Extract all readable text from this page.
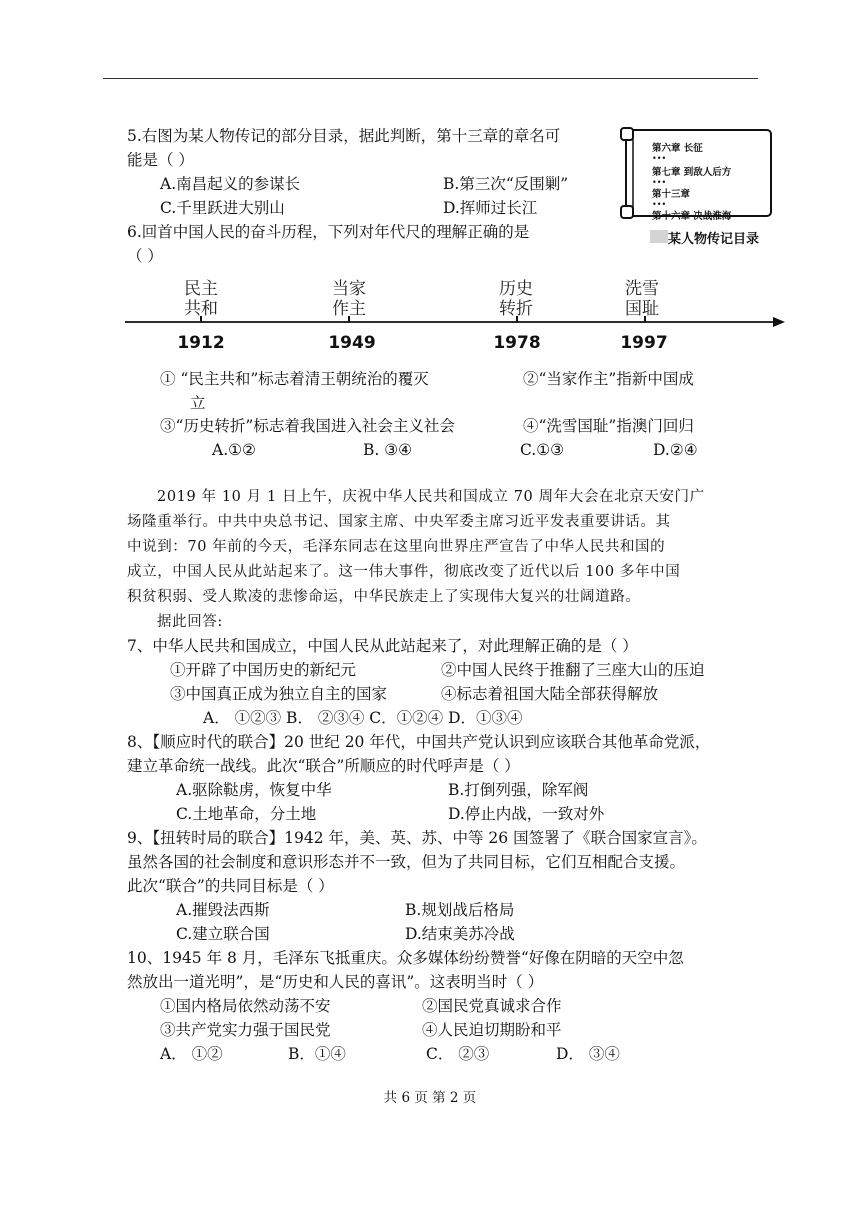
5.右图为某人物传记的部分目录，据此判断，第十三章的章名可
能是（ ）
A.南昌起义的参谋长	B.第三次“反围剿”
C.千里跃进大别山	D.挥师过长江
第六章 长征
•••
第七章 到敌人后方
•••
第十三章
•••
第十六章 决战淮海
某人物传记目录
6.回首中国人民的奋斗历程，下列对年代尺的理解正确的是
（ ）
民主
共和
1912
当家
作主
1949
历史
转折
1978
洗雪
国耻
1997
① “民主共和”标志着清王朝统治的覆灭	②“当家作主”指新中国成
立
③“历史转折”标志着我国进入社会主义社会	④“洗雪国耻”指澳门回归
A.①②	B. ③④	C.①③	D.②④
2019 年 10 月 1 日上午，庆祝中华人民共和国成立 70 周年大会在北京天安门广
场隆重举行。中共中央总书记、国家主席、中央军委主席习近平发表重要讲话。其
中说到：70 年前的今天，毛泽东同志在这里向世界庄严宣告了中华人民共和国的
成立，中国人民从此站起来了。这一伟大事件，彻底改变了近代以后 100 多年中国
积贫积弱、受人欺凌的悲惨命运，中华民族走上了实现伟大复兴的壮阔道路。
据此回答:
7、中华人民共和国成立，中国人民从此站起来了，对此理解正确的是（ ）
①开辟了中国历史的新纪元	②中国人民终于推翻了三座大山的压迫
③中国真正成为独立自主的国家	④标志着祖国大陆全部获得解放
A． ①②③ B． ②③④ C．①②④ D．①③④
8、【顺应时代的联合】20 世纪 20 年代，中国共产党认识到应该联合其他革命党派，
建立革命统一战线。此次“联合”所顺应的时代呼声是（ ）
A.驱除鞑虏，恢复中华	B.打倒列强，除军阀
C.土地革命，分土地	D.停止内战，一致对外
9、【扭转时局的联合】1942 年，美、英、苏、中等 26 国签署了《联合国家宣言》。
虽然各国的社会制度和意识形态并不一致，但为了共同目标，它们互相配合支援。
此次“联合”的共同目标是（ ）
A.摧毁法西斯	B.规划战后格局
C.建立联合国	D.结束美苏冷战
10、1945 年 8 月，毛泽东飞抵重庆。众多媒体纷纷赞誉“好像在阴暗的天空中忽
然放出一道光明”，是“历史和人民的喜讯”。这表明当时（ ）
①国内格局依然动荡不安	②国民党真诚求合作
③共产党实力强于国民党	④人民迫切期盼和平
A． ①②	B．①④	C． ②③	D． ③④
共 6 页 第 2 页
